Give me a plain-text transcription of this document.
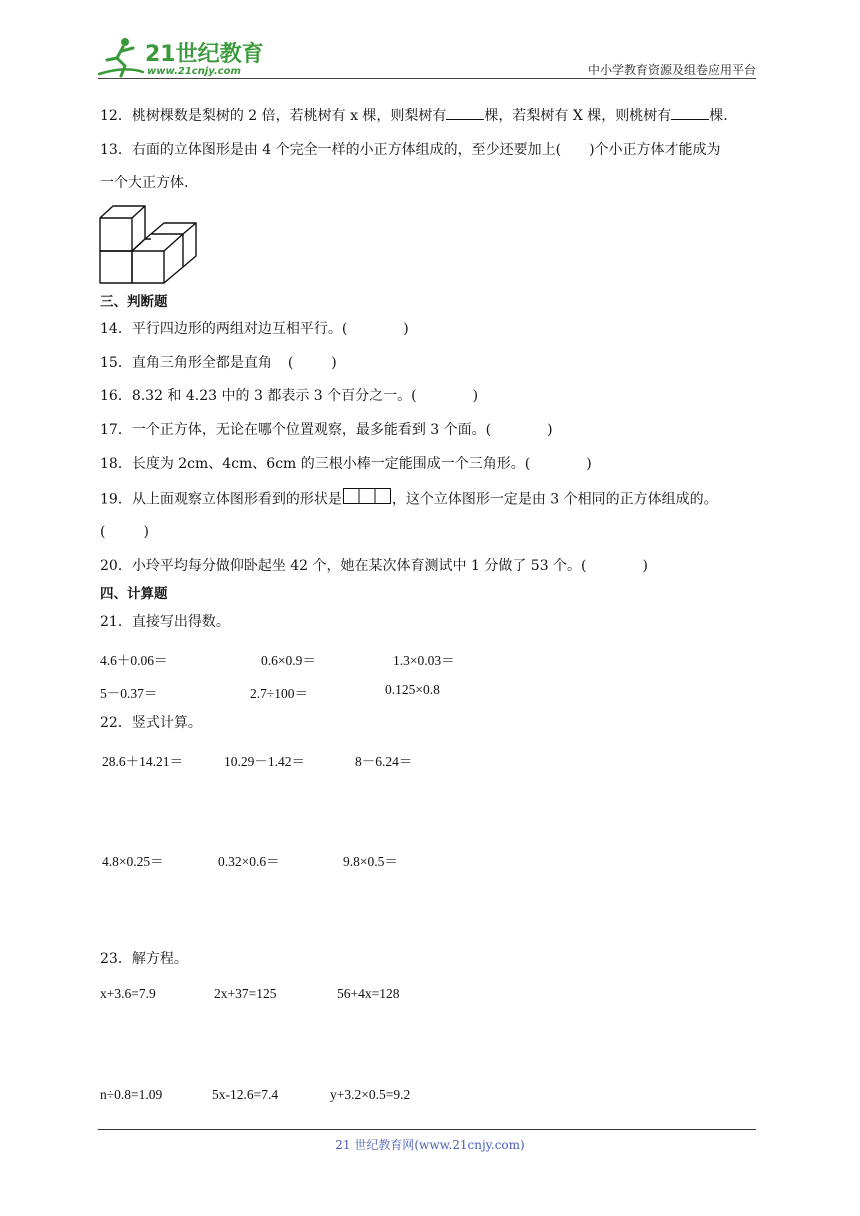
21世纪教育
www.21cnjy.com	中小学教育资源及组卷应用平台
12．桃树棵数是梨树的 2 倍，若桃树有 x 棵，则梨树有	棵，若梨树有 X 棵，则桃树有	棵.
13．右面的立体图形是由 4 个完全一样的小正方体组成的，至少还要加上( )个小正方体才能成为
一个大正方体.
三、判断题
14．平行四边形的两组对边互相平行。(	)
15．直角三角形全都是直角 (	)
16．8.32 和 4.23 中的 3 都表示 3 个百分之一。(	)
17．一个正方体，无论在哪个位置观察，最多能看到 3 个面。(	)
18．长度为 2cm、4cm、6cm 的三根小棒一定能围成一个三角形。(	)
19．从上面观察立体图形看到的形状是	，这个立体图形一定是由 3 个相同的正方体组成的。
(	)
20．小玲平均每分做仰卧起坐 42 个，她在某次体育测试中 1 分做了 53 个。(	)
四、计算题
21．直接写出得数。
4.6＋0.06＝	0.6×0.9＝	1.3×0.03＝
5－0.37＝	2.7÷100＝	0.125×0.8
22．竖式计算。
28.6＋14.21＝	10.29－1.42＝	8－6.24＝
4.8×0.25＝	0.32×0.6＝	9.8×0.5＝
23．解方程。
x+3.6=7.9	2x+37=125	56+4x=128
n÷0.8=1.09	5x-12.6=7.4	y+3.2×0.5=9.2
21 世纪教育网(www.21cnjy.com)
